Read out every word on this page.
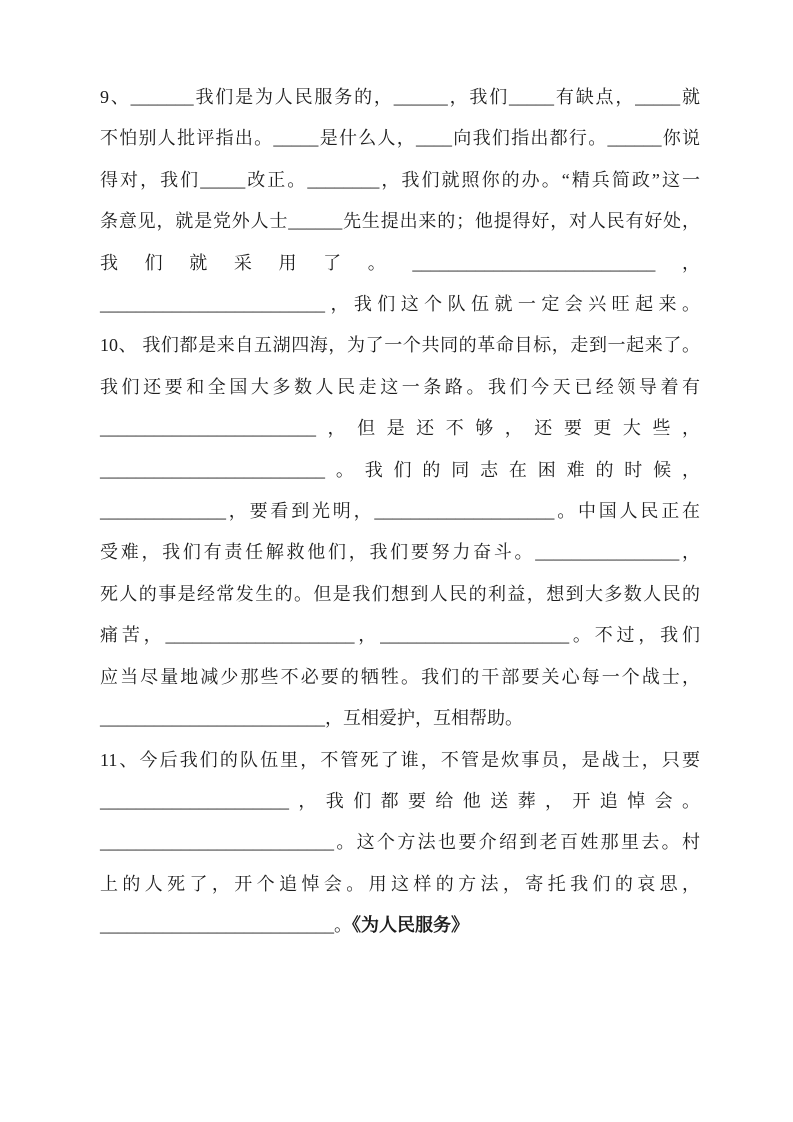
9、_______我们是为人民服务的，______，我们_____有缺点，_____就
不怕别人批评指出。_____是什么人，____向我们指出都行。______你说
得对，我们_____改正。________，我们就照你的办。“精兵简政”这一
条意见，就是党外人士______先生提出来的；他提得好，对人民有好处，
我们就采用了。___________________________，
_________________________，我们这个队伍就一定会兴旺起来。
10、 我们都是来自五湖四海，为了一个共同的革命目标，走到一起来了。
我们还要和全国大多数人民走这一条路。我们今天已经领导着有
________________________，但是还不够，还要更大些，
_________________________。我们的同志在困难的时候，
______________，要看到光明，____________________。中国人民正在
受难，我们有责任解救他们，我们要努力奋斗。________________，
死人的事是经常发生的。但是我们想到人民的利益，想到大多数人民的
痛苦，_____________________，_____________________。不过，我们
应当尽量地减少那些不必要的牺牲。我们的干部要关心每一个战士，
_________________________，互相爱护，互相帮助。
11、今后我们的队伍里，不管死了谁，不管是炊事员，是战士，只要
_____________________，我们都要给他送葬，开追悼会。
__________________________。这个方法也要介绍到老百姓那里去。村
上的人死了，开个追悼会。用这样的方法，寄托我们的哀思，
__________________________。《为人民服务》
